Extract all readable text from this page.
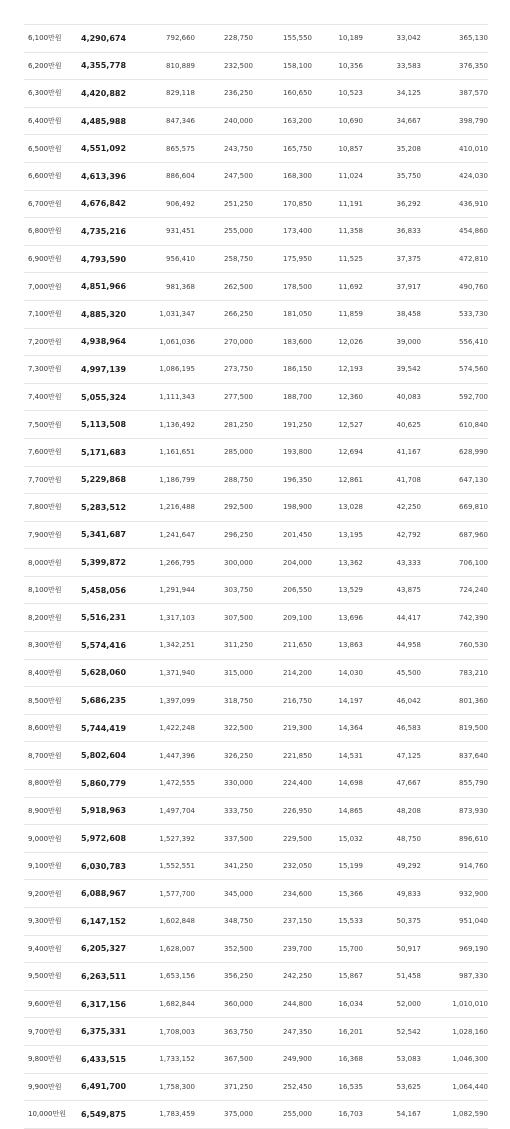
6,100만원	4,290,674	792,660	228,750	155,550	10,189	33,042	365,130
6,200만원	4,355,778	810,889	232,500	158,100	10,356	33,583	376,350
6,300만원	4,420,882	829,118	236,250	160,650	10,523	34,125	387,570
6,400만원	4,485,988	847,346	240,000	163,200	10,690	34,667	398,790
6,500만원	4,551,092	865,575	243,750	165,750	10,857	35,208	410,010
6,600만원	4,613,396	886,604	247,500	168,300	11,024	35,750	424,030
6,700만원	4,676,842	906,492	251,250	170,850	11,191	36,292	436,910
6,800만원	4,735,216	931,451	255,000	173,400	11,358	36,833	454,860
6,900만원	4,793,590	956,410	258,750	175,950	11,525	37,375	472,810
7,000만원	4,851,966	981,368	262,500	178,500	11,692	37,917	490,760
7,100만원	4,885,320	1,031,347	266,250	181,050	11,859	38,458	533,730
7,200만원	4,938,964	1,061,036	270,000	183,600	12,026	39,000	556,410
7,300만원	4,997,139	1,086,195	273,750	186,150	12,193	39,542	574,560
7,400만원	5,055,324	1,111,343	277,500	188,700	12,360	40,083	592,700
7,500만원	5,113,508	1,136,492	281,250	191,250	12,527	40,625	610,840
7,600만원	5,171,683	1,161,651	285,000	193,800	12,694	41,167	628,990
7,700만원	5,229,868	1,186,799	288,750	196,350	12,861	41,708	647,130
7,800만원	5,283,512	1,216,488	292,500	198,900	13,028	42,250	669,810
7,900만원	5,341,687	1,241,647	296,250	201,450	13,195	42,792	687,960
8,000만원	5,399,872	1,266,795	300,000	204,000	13,362	43,333	706,100
8,100만원	5,458,056	1,291,944	303,750	206,550	13,529	43,875	724,240
8,200만원	5,516,231	1,317,103	307,500	209,100	13,696	44,417	742,390
8,300만원	5,574,416	1,342,251	311,250	211,650	13,863	44,958	760,530
8,400만원	5,628,060	1,371,940	315,000	214,200	14,030	45,500	783,210
8,500만원	5,686,235	1,397,099	318,750	216,750	14,197	46,042	801,360
8,600만원	5,744,419	1,422,248	322,500	219,300	14,364	46,583	819,500
8,700만원	5,802,604	1,447,396	326,250	221,850	14,531	47,125	837,640
8,800만원	5,860,779	1,472,555	330,000	224,400	14,698	47,667	855,790
8,900만원	5,918,963	1,497,704	333,750	226,950	14,865	48,208	873,930
9,000만원	5,972,608	1,527,392	337,500	229,500	15,032	48,750	896,610
9,100만원	6,030,783	1,552,551	341,250	232,050	15,199	49,292	914,760
9,200만원	6,088,967	1,577,700	345,000	234,600	15,366	49,833	932,900
9,300만원	6,147,152	1,602,848	348,750	237,150	15,533	50,375	951,040
9,400만원	6,205,327	1,628,007	352,500	239,700	15,700	50,917	969,190
9,500만원	6,263,511	1,653,156	356,250	242,250	15,867	51,458	987,330
9,600만원	6,317,156	1,682,844	360,000	244,800	16,034	52,000	1,010,010
9,700만원	6,375,331	1,708,003	363,750	247,350	16,201	52,542	1,028,160
9,800만원	6,433,515	1,733,152	367,500	249,900	16,368	53,083	1,046,300
9,900만원	6,491,700	1,758,300	371,250	252,450	16,535	53,625	1,064,440
10,000만원	6,549,875	1,783,459	375,000	255,000	16,703	54,167	1,082,590
